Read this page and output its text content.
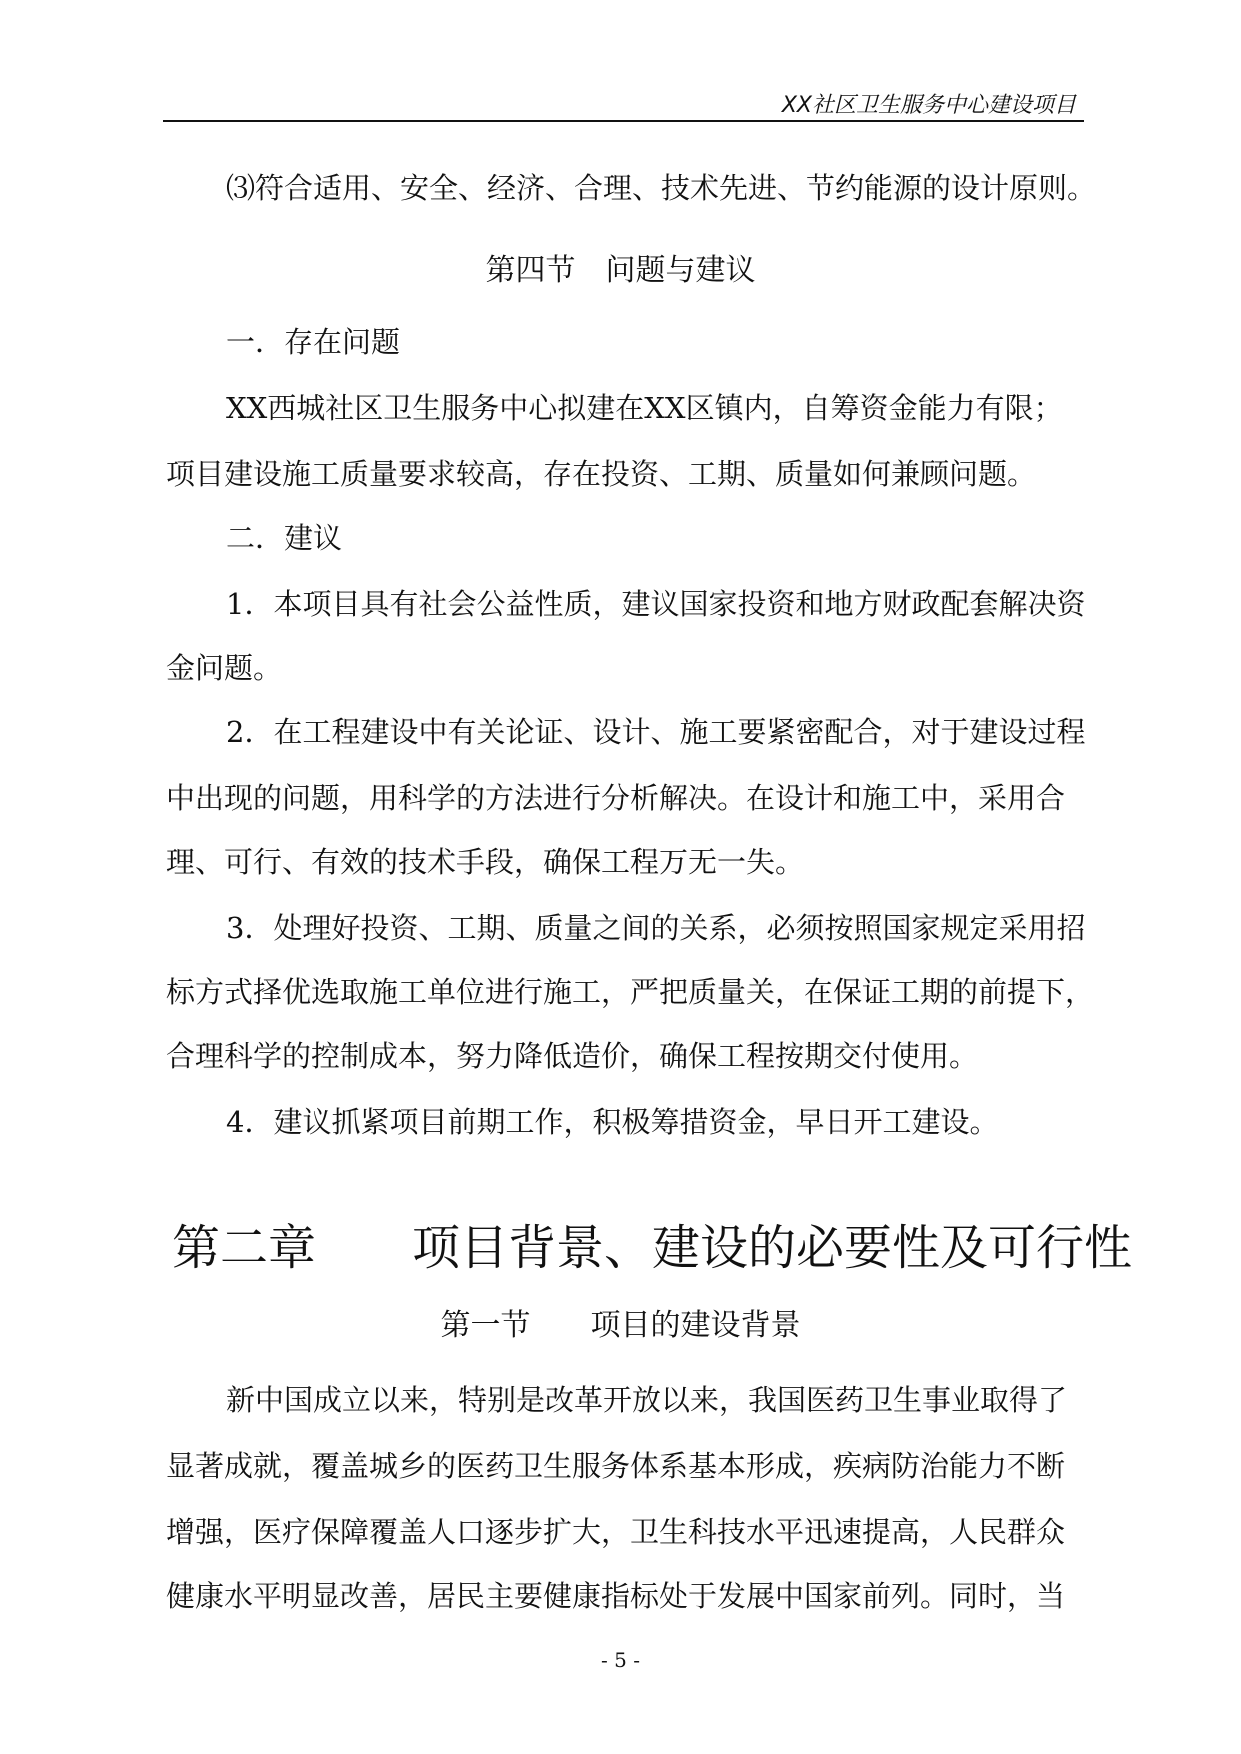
XX社区卫生服务中心建设项目

⑶符合适用、安全、经济、合理、技术先进、节约能源的设计原则。

第四节　问题与建议

一．存在问题

XX西城社区卫生服务中心拟建在XX区镇内，自筹资金能力有限；

项目建设施工质量要求较高，存在投资、工期、质量如何兼顾问题。

二．建议

1．本项目具有社会公益性质，建议国家投资和地方财政配套解决资

金问题。

2．在工程建设中有关论证、设计、施工要紧密配合，对于建设过程

中出现的问题，用科学的方法进行分析解决。在设计和施工中，采用合

理、可行、有效的技术手段，确保工程万无一失。

3．处理好投资、工期、质量之间的关系，必须按照国家规定采用招

标方式择优选取施工单位进行施工，严把质量关，在保证工期的前提下，

合理科学的控制成本，努力降低造价，确保工程按期交付使用。

4．建议抓紧项目前期工作，积极筹措资金，早日开工建设。

第二章　　项目背景、建设的必要性及可行性

第一节　　项目的建设背景

新中国成立以来，特别是改革开放以来，我国医药卫生事业取得了

显著成就，覆盖城乡的医药卫生服务体系基本形成，疾病防治能力不断

增强，医疗保障覆盖人口逐步扩大，卫生科技水平迅速提高，人民群众

健康水平明显改善，居民主要健康指标处于发展中国家前列。同时，当

- 5 -
